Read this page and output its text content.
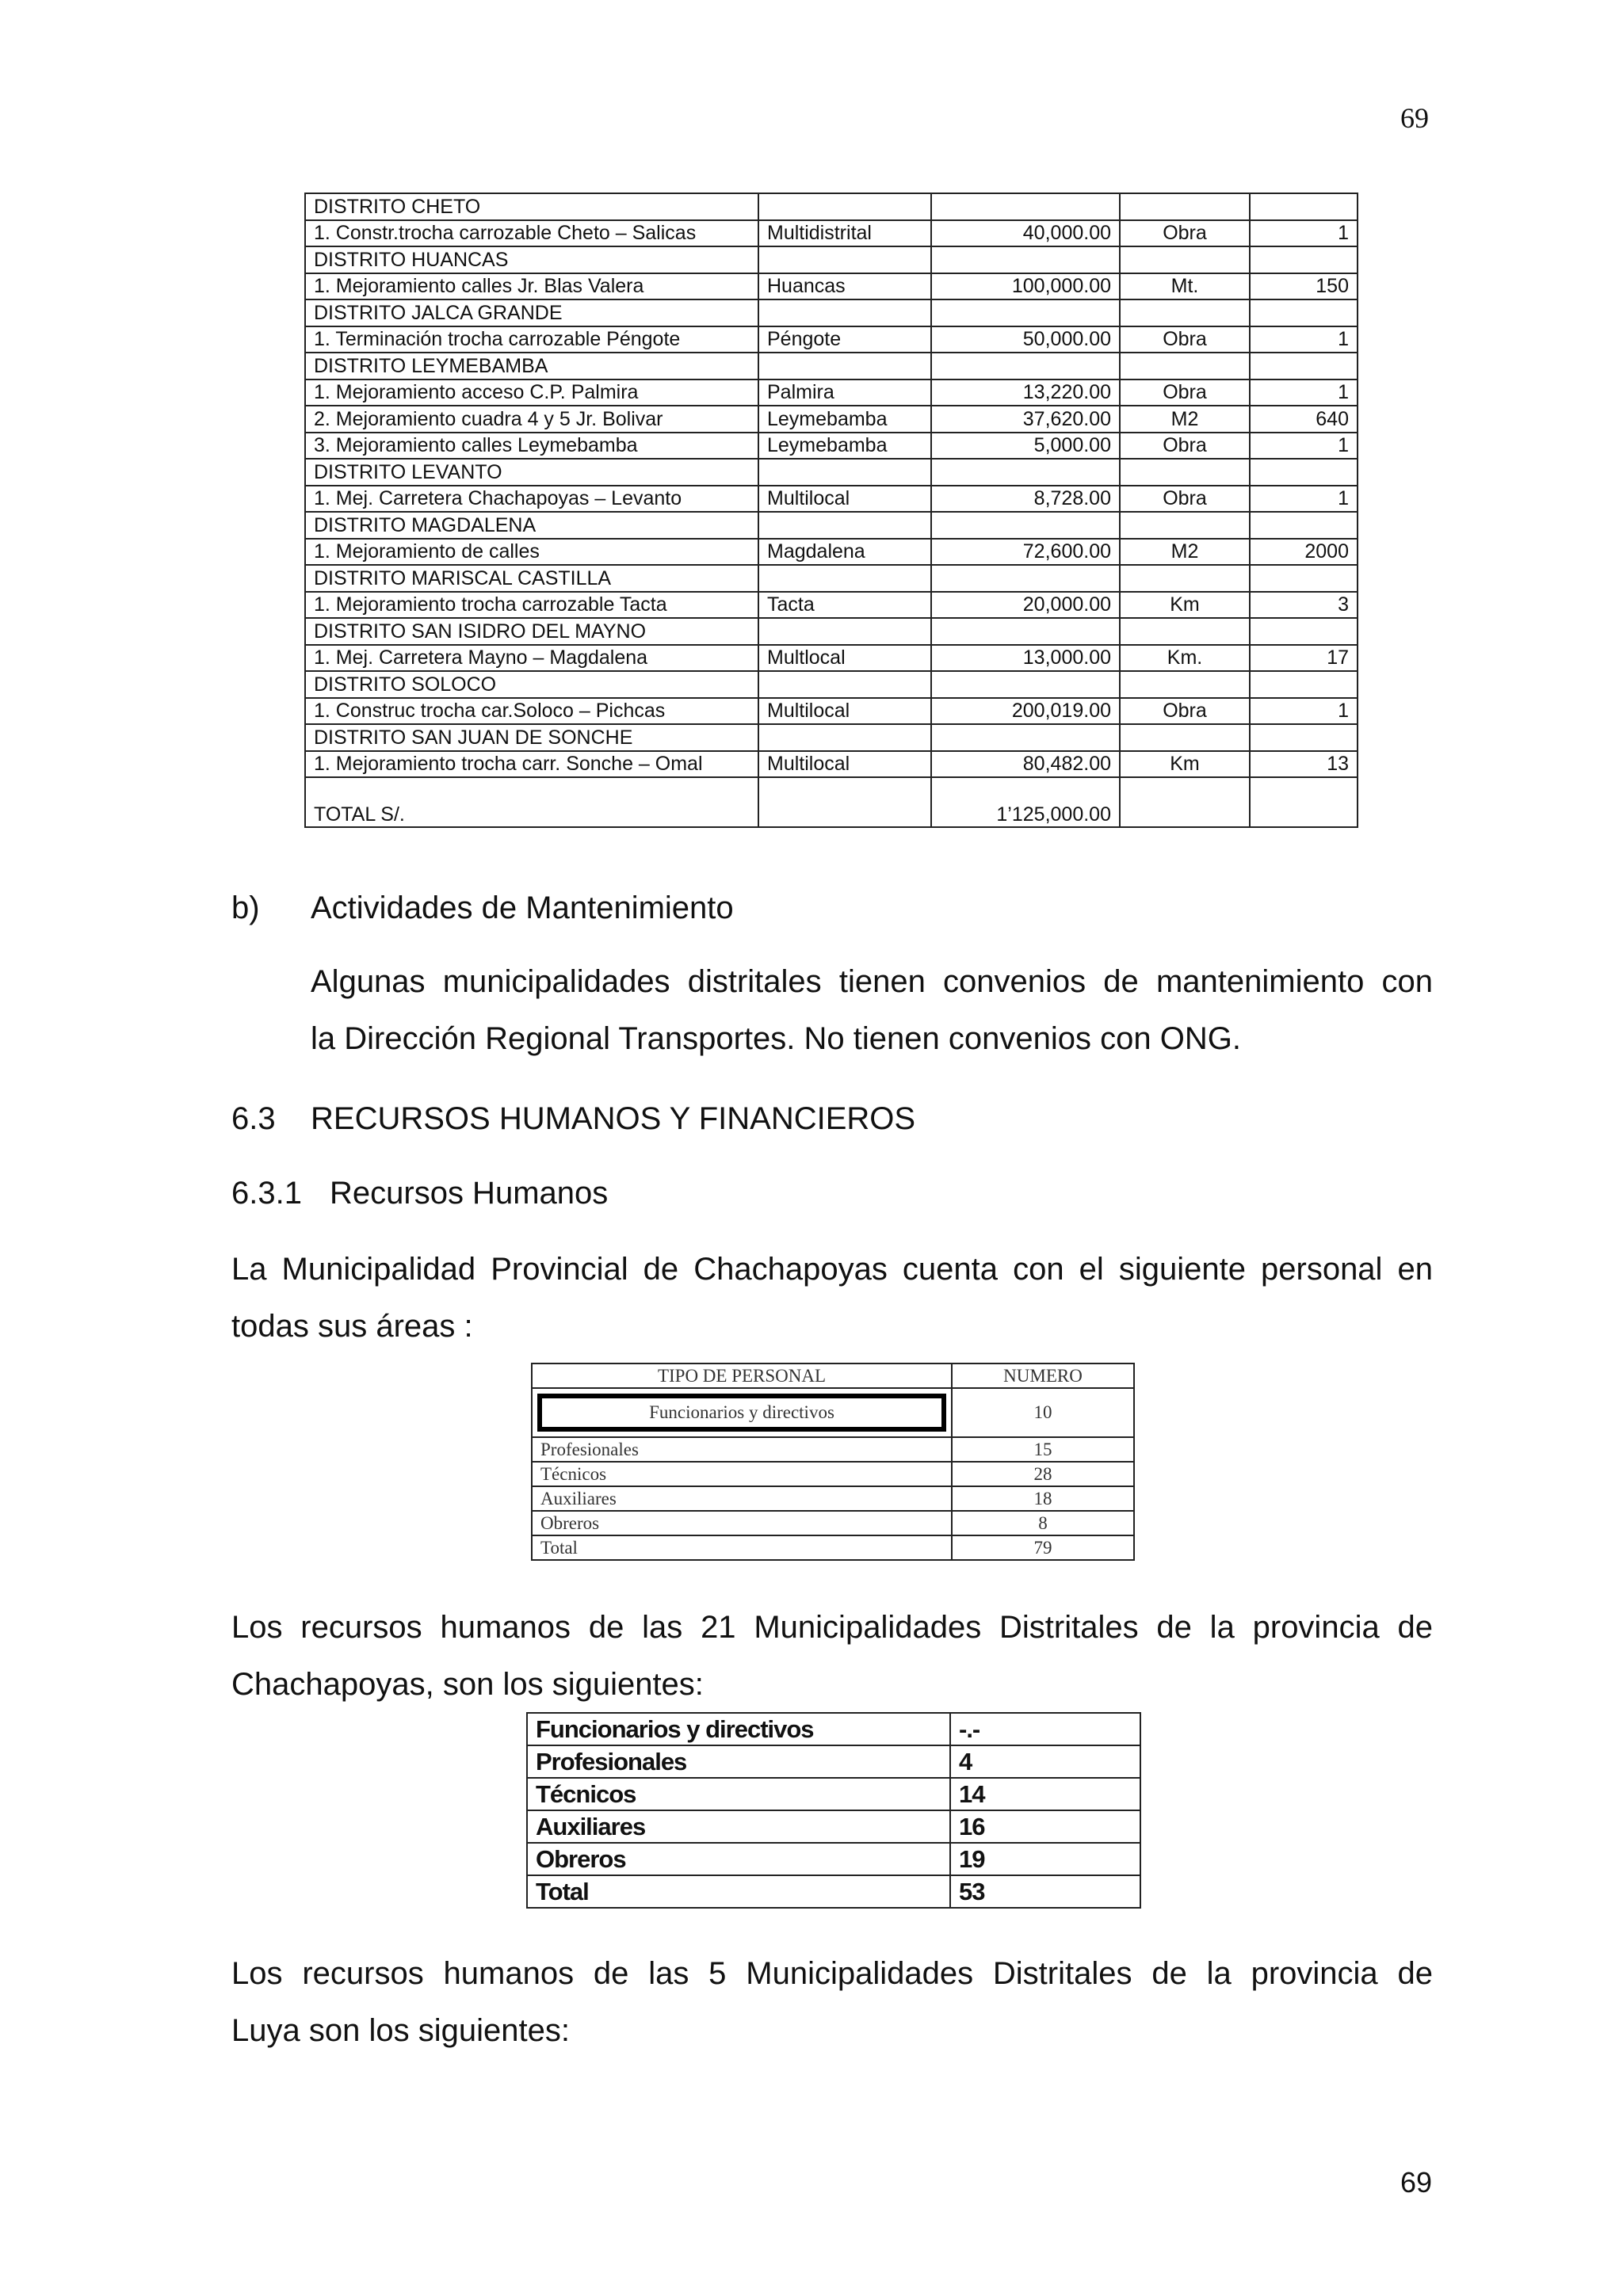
69
DISTRITO CHETO				
1. Constr.trocha carrozable Cheto – Salicas	Multidistrital	40,000.00	Obra	1
DISTRITO HUANCAS				
1. Mejoramiento calles Jr. Blas Valera	Huancas	100,000.00	Mt.	150
DISTRITO JALCA GRANDE				
1. Terminación trocha carrozable Péngote	Péngote	50,000.00	Obra	1
DISTRITO LEYMEBAMBA				
1. Mejoramiento acceso C.P. Palmira	Palmira	13,220.00	Obra	1
2. Mejoramiento cuadra 4 y 5 Jr. Bolivar	Leymebamba	37,620.00	M2	640
3. Mejoramiento calles Leymebamba	Leymebamba	5,000.00	Obra	1
DISTRITO LEVANTO				
1. Mej. Carretera Chachapoyas – Levanto	Multilocal	8,728.00	Obra	1
DISTRITO MAGDALENA				
1. Mejoramiento de calles	Magdalena	72,600.00	M2	2000
DISTRITO MARISCAL CASTILLA				
1. Mejoramiento trocha carrozable Tacta	Tacta	20,000.00	Km	3
DISTRITO SAN ISIDRO DEL MAYNO				
1. Mej. Carretera Mayno – Magdalena	Multlocal	13,000.00	Km.	17
DISTRITO SOLOCO				
1. Construc trocha car.Soloco – Pichcas	Multilocal	200,019.00	Obra	1
DISTRITO SAN JUAN DE SONCHE				
1. Mejoramiento trocha carr. Sonche – Omal	Multilocal	80,482.00	Km	13
TOTAL S/.		1’125,000.00		
b) Actividades de Mantenimiento
Algunas municipalidades distritales tienen convenios de mantenimiento con
la Dirección Regional Transportes. No tienen convenios con ONG.
6.3 RECURSOS HUMANOS Y FINANCIEROS
6.3.1 Recursos Humanos
La Municipalidad Provincial de Chachapoyas cuenta con el siguiente personal en
todas sus áreas :
TIPO DE PERSONAL	NUMERO

Funcionarios y directivos	10
Profesionales	15
Técnicos	28
Auxiliares	18
Obreros	8
Total	79
Los recursos humanos de las 21 Municipalidades Distritales de la provincia de
Chachapoyas, son los siguientes:
Funcionarios y directivos	-.-
Profesionales	4
Técnicos	14
Auxiliares	16
Obreros	19
Total	53
Los recursos humanos de las 5 Municipalidades Distritales de la provincia de
Luya son los siguientes:
69
